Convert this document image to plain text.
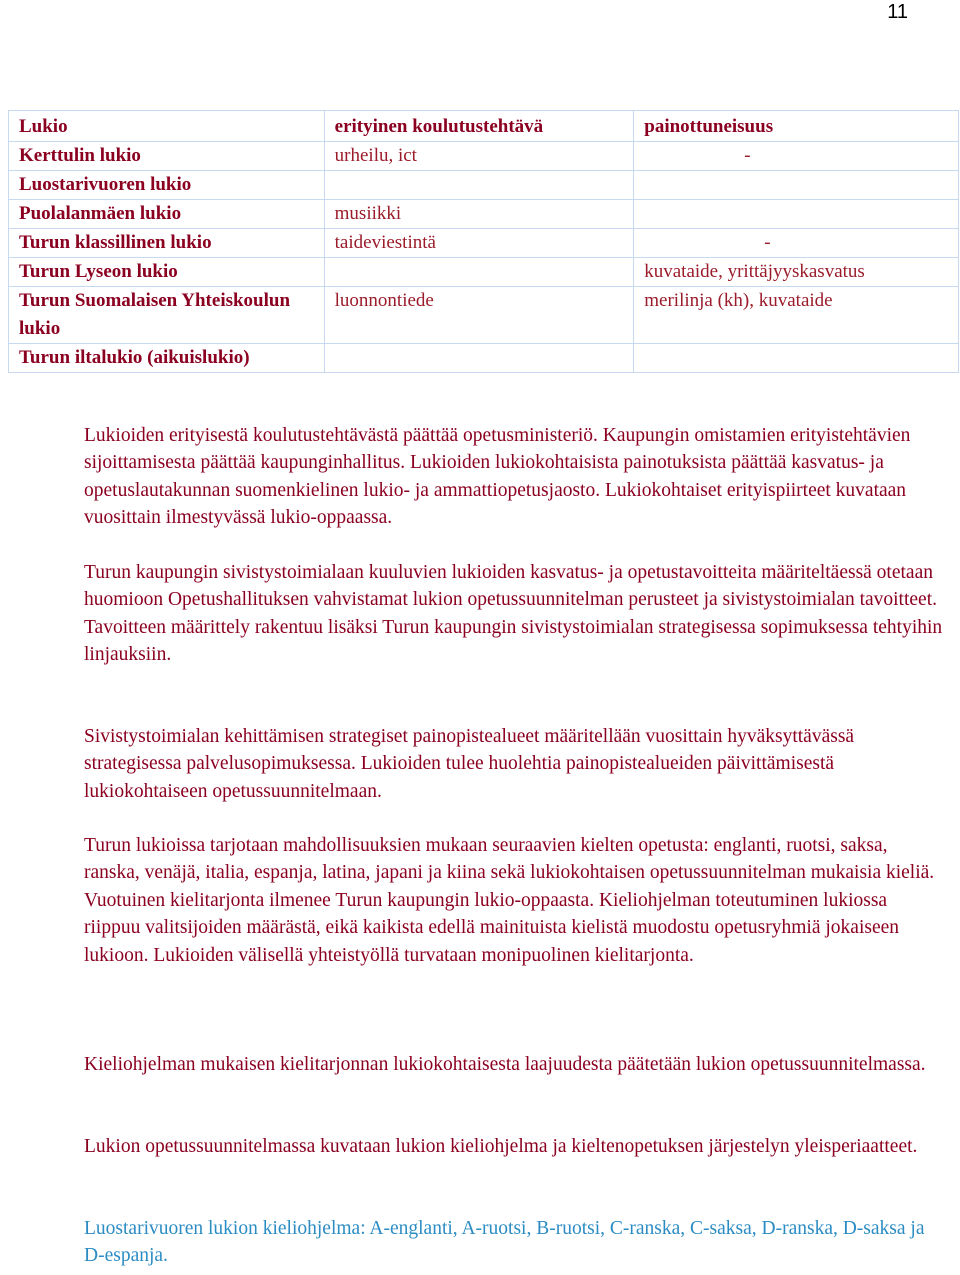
11
Lukio	erityinen koulutustehtävä	painottuneisuus
Kerttulin lukio	urheilu, ict	-
Luostarivuoren lukio		
Puolalanmäen lukio	musiikki	
Turun klassillinen lukio	taideviestintä	-
Turun Lyseon lukio		kuvataide, yrittäjyyskasvatus
Turun Suomalaisen Yhteiskoulun lukio	luonnontiede	merilinja (kh), kuvataide
Turun iltalukio (aikuislukio)		

Lukioiden erityisestä koulutustehtävästä päättää opetusministeriö. Kaupungin omistamien erityistehtävien sijoittamisesta päättää kaupunginhallitus. Lukioiden lukiokohtaisista painotuksista päättää kasvatus- ja opetuslautakunnan suomenkielinen lukio- ja ammattiopetusjaosto. Lukiokohtaiset erityispiirteet kuvataan vuosittain ilmestyvässä lukio-oppaassa.

Turun kaupungin sivistystoimialaan kuuluvien lukioiden kasvatus- ja opetustavoitteita määriteltäessä otetaan huomioon Opetushallituksen vahvistamat lukion opetussuunnitelman perusteet ja sivistystoimialan tavoitteet. Tavoitteen määrittely rakentuu lisäksi Turun kaupungin sivistystoimialan strategisessa sopimuksessa tehtyihin linjauksiin.

Sivistystoimialan kehittämisen strategiset painopistealueet määritellään vuosittain hyväksyttävässä strategisessa palvelusopimuksessa. Lukioiden tulee huolehtia painopistealueiden päivittämisestä lukiokohtaiseen opetussuunnitelmaan.

Turun lukioissa tarjotaan mahdollisuuksien mukaan seuraavien kielten opetusta: englanti, ruotsi, saksa, ranska, venäjä, italia, espanja, latina, japani ja kiina sekä lukiokohtaisen opetussuunnitelman mukaisia kieliä. Vuotuinen kielitarjonta ilmenee Turun kaupungin lukio-oppaasta. Kieliohjelman toteutuminen lukiossa riippuu valitsijoiden määrästä, eikä kaikista edellä mainituista kielistä muodostu opetusryhmiä jokaiseen lukioon. Lukioiden välisellä yhteistyöllä turvataan monipuolinen kielitarjonta.

Kieliohjelman mukaisen kielitarjonnan lukiokohtaisesta laajuudesta päätetään lukion opetussuunnitelmassa.

Lukion opetussuunnitelmassa kuvataan lukion kieliohjelma ja kieltenopetuksen järjestelyn yleisperiaatteet.

Luostarivuoren lukion kieliohjelma: A-englanti, A-ruotsi, B-ruotsi, C-ranska, C-saksa, D-ranska, D-saksa ja D-espanja.
